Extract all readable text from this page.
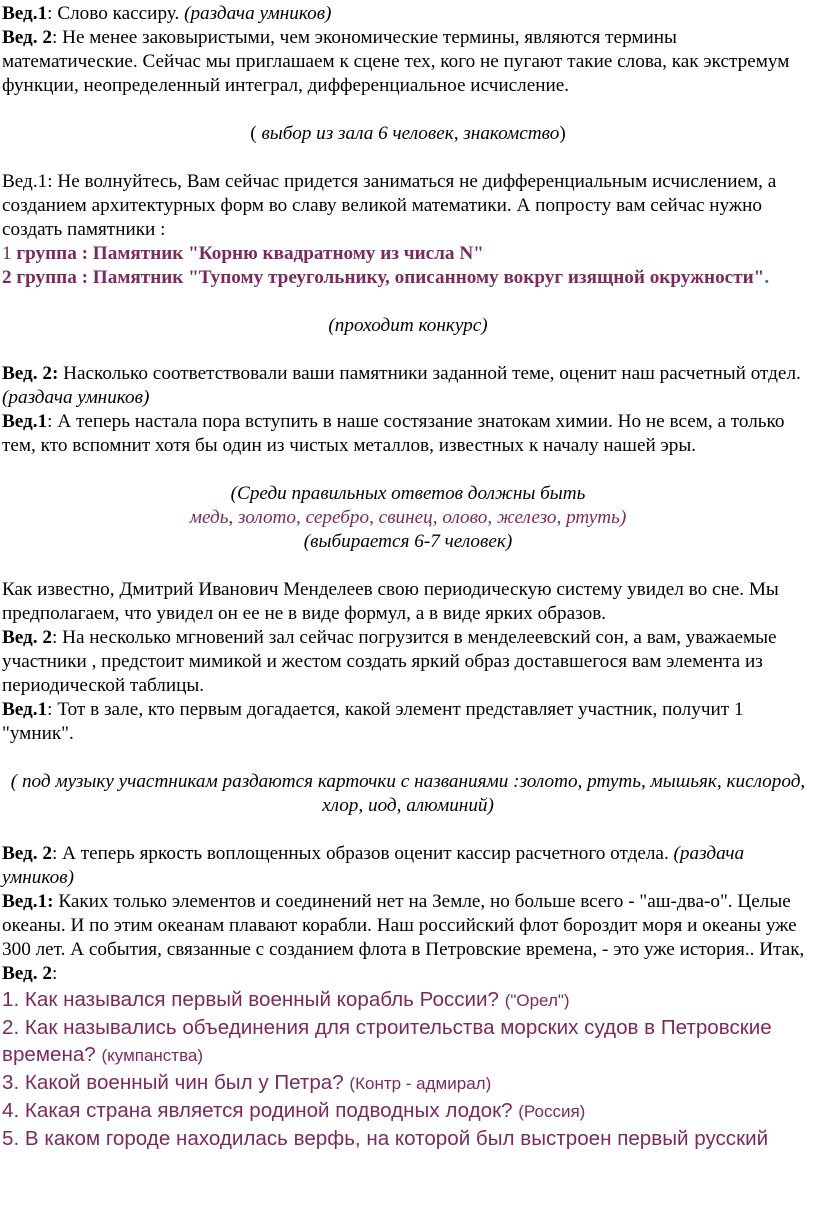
Вед.1: Слово кассиру. (раздача умников)

Вед. 2: Не менее заковыристыми, чем экономические термины, являются термины математические. Сейчас мы приглашаем к сцене тех, кого не пугают такие слова, как экстремум функции, неопределенный интеграл, дифференциальное исчисление.

( выбор из зала 6 человек, знакомство)

Вед.1: Не волнуйтесь, Вам сейчас придется заниматься не дифференциальным исчислением, а созданием архитектурных форм во славу великой математики. А попросту вам сейчас нужно создать памятники :

1 группа : Памятник "Корню квадратному из числа N"

2 группа : Памятник "Тупому треугольнику, описанному вокруг изящной окружности".

(проходит конкурс)

Вед. 2: Насколько соответствовали ваши памятники заданной теме, оценит наш расчетный отдел. (раздача умников)

Вед.1: А теперь настала пора вступить в наше состязание знатокам химии. Но не всем, а только тем, кто вспомнит хотя бы один из чистых металлов, известных к началу нашей эры.

(Среди правильных ответов должны быть

медь, золото, серебро, свинец, олово, железо, ртуть)

(выбирается 6-7 человек)

Как известно, Дмитрий Иванович Менделеев свою периодическую систему увидел во сне. Мы предполагаем, что увидел он ее не в виде формул, а в виде ярких образов.

Вед. 2: На несколько мгновений зал сейчас погрузится в менделеевский сон, а вам, уважаемые участники , предстоит мимикой и жестом создать яркий образ доставшегося вам элемента из периодической таблицы.

Вед.1: Тот в зале, кто первым догадается, какой элемент представляет участник, получит 1 "умник".

( под музыку участникам раздаются карточки с названиями :золото, ртуть, мышьяк, кислород, хлор, иод, алюминий)

Вед. 2: А теперь яркость воплощенных образов оценит кассир расчетного отдела. (раздача умников)

Вед.1: Каких только элементов и соединений нет на Земле, но больше всего - "аш-два-о". Целые океаны. И по этим океанам плавают корабли. Наш российский флот бороздит моря и океаны уже 300 лет. А события, связанные с созданием флота в Петровские времена, - это уже история.. Итак,

Вед. 2:

1. Как назывался первый военный корабль России? ("Орел")

2. Как назывались объединения для строительства морских судов в Петровские времена? (кумпанства)

3. Какой военный чин был у Петра? (Контр - адмирал)

4. Какая страна является родиной подводных лодок? (Россия)

5. В каком городе находилась верфь, на которой был выстроен первый русский
